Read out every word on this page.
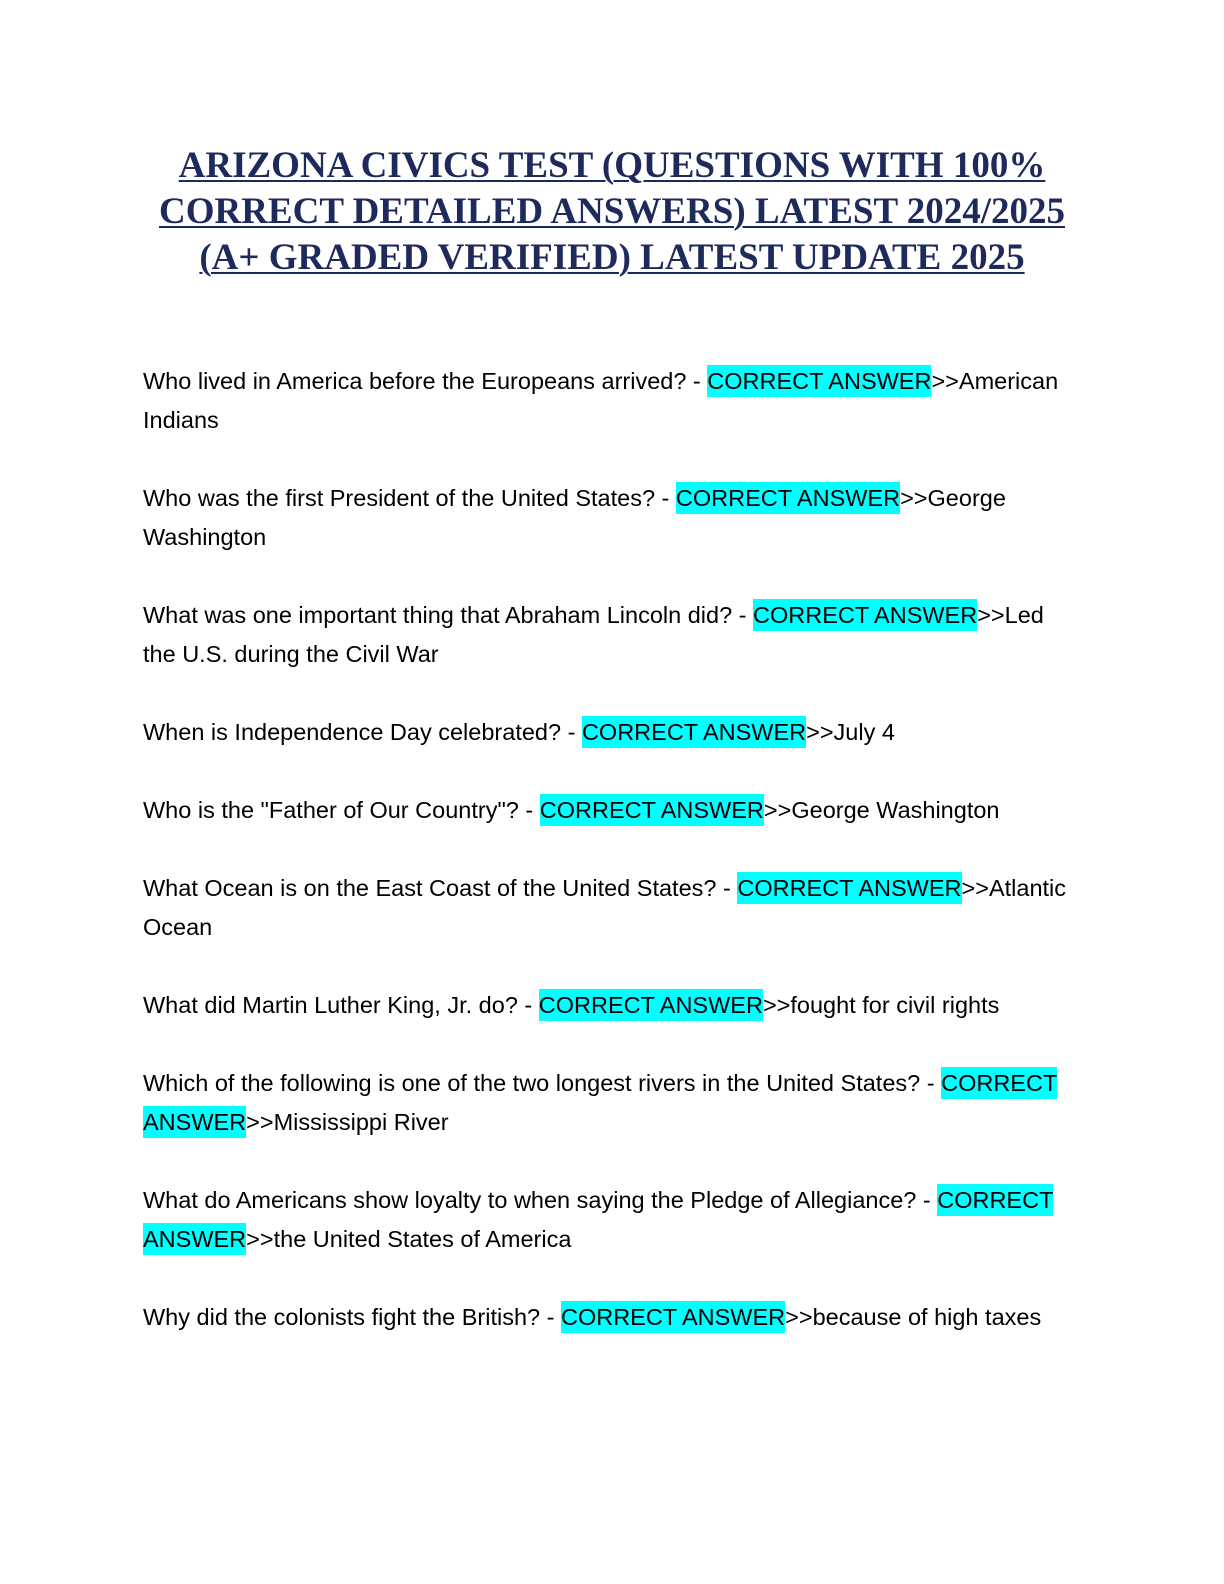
ARIZONA CIVICS TEST (QUESTIONS WITH 100% CORRECT DETAILED ANSWERS) LATEST 2024/2025 (A+ GRADED VERIFIED) LATEST UPDATE 2025

Who lived in America before the Europeans arrived? - CORRECT ANSWER>>American Indians

Who was the first President of the United States? - CORRECT ANSWER>>George Washington

What was one important thing that Abraham Lincoln did? - CORRECT ANSWER>>Led the U.S. during the Civil War

When is Independence Day celebrated? - CORRECT ANSWER>>July 4

Who is the "Father of Our Country"? - CORRECT ANSWER>>George Washington

What Ocean is on the East Coast of the United States? - CORRECT ANSWER>>Atlantic Ocean

What did Martin Luther King, Jr. do? - CORRECT ANSWER>>fought for civil rights

Which of the following is one of the two longest rivers in the United States? - CORRECT ANSWER>>Mississippi River

What do Americans show loyalty to when saying the Pledge of Allegiance? - CORRECT ANSWER>>the United States of America

Why did the colonists fight the British? - CORRECT ANSWER>>because of high taxes
